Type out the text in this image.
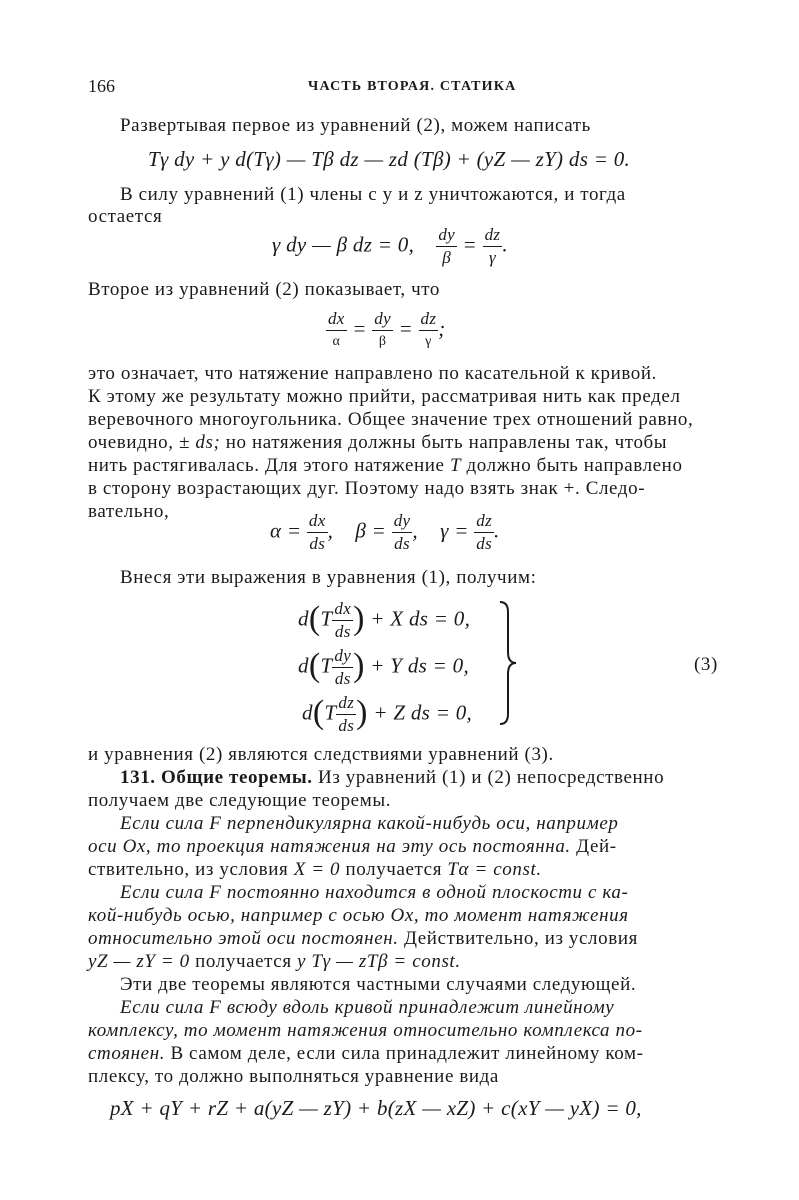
166	ЧАСТЬ ВТОРАЯ. СТАТИКА
Развертывая первое из уравнений (2), можем написать
Tγ dy + y d(Tγ) — Tβ dz — zd (Tβ) + (yZ — zY) ds = 0.
В силу уравнений (1) члены с y и z уничтожаются, и тогда
остается
γ dy — β dz = 0, $\frac{dy}{\beta} = \frac{dz}{\gamma}$ .
Второе из уравнений (2) показывает, что
$\frac{dx}{\alpha} = \frac{dy}{\beta} = \frac{dz}{\gamma}$ ;
это означает, что натяжение направлено по касательной к кривой.
К этому же результату можно прийти, рассматривая нить как предел
веревочного многоугольника. Общее значение трех отношений равно,
очевидно, ± ds; но натяжения должны быть направлены так, чтобы
нить растягивалась. Для этого натяжение T должно быть направлено
в сторону возрастающих дуг. Поэтому надо взять знак +. Следо-
вательно,
$\alpha = \frac{dx}{ds}$ , $\beta = \frac{dy}{ds}$ , $\gamma = \frac{dz}{ds}$ .
Внеся эти выражения в уравнения (1), получим:
$d(T \frac{dx}{ds}$ ) + X ds = 0,
$d(T \frac{dy}{ds}$ ) + Y ds = 0,
$d(T \frac{dz}{ds}$ ) + Z ds = 0,
(3)
и уравнения (2) являются следствиями уравнений (3).
131. Общие теоремы. Из уравнений (1) и (2) непосредственно
получаем две следующие теоремы.
Если сила F перпендикулярна какой-нибудь оси, например
оси Ox, то проекция натяжения на эту ось постоянна. Дей-
ствительно, из условия X = 0 получается Tα = const.
Если сила F постоянно находится в одной плоскости с ка-
кой-нибудь осью, например с осью Ox, то момент натяжения
относительно этой оси постоянен. Действительно, из условия
yZ — zY = 0 получается y Tγ — zTβ = const.
Эти две теоремы являются частными случаями следующей.
Если сила F всюду вдоль кривой принадлежит линейному
комплексу, то момент натяжения относительно комплекса по-
стоянен. В самом деле, если сила принадлежит линейному ком-
плексу, то должно выполняться уравнение вида
pX + qY + rZ + a(yZ — zY) + b(zX — xZ) + c(xY — yX) = 0,
